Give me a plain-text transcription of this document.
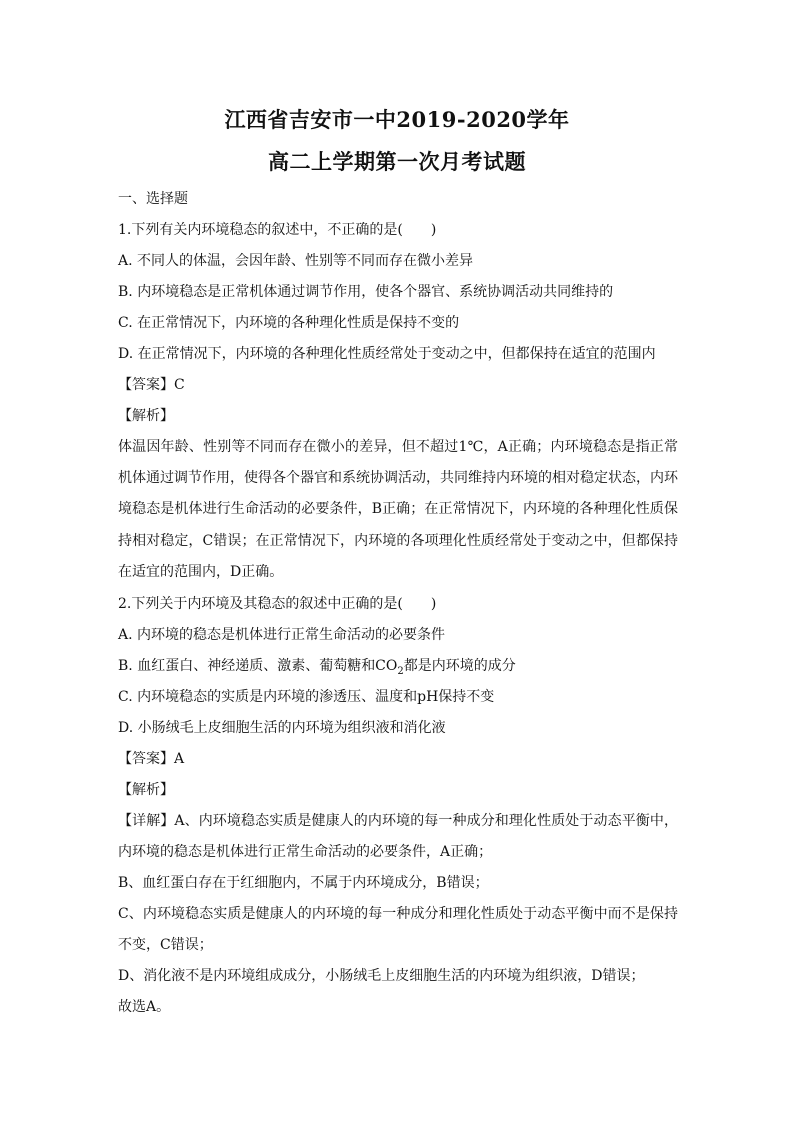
江西省吉安市一中2019-2020学年
高二上学期第一次月考试题
一、选择题
1.下列有关内环境稳态的叙述中，不正确的是(　　)
A. 不同人的体温，会因年龄、性别等不同而存在微小差异
B. 内环境稳态是正常机体通过调节作用，使各个器官、系统协调活动共同维持的
C. 在正常情况下，内环境的各种理化性质是保持不变的
D. 在正常情况下，内环境的各种理化性质经常处于变动之中，但都保持在适宜的范围内
【答案】C
【解析】
体温因年龄、性别等不同而存在微小的差异，但不超过1℃，A正确；内环境稳态是指正常机体通过调节作用，使得各个器官和系统协调活动，共同维持内环境的相对稳定状态，内环境稳态是机体进行生命活动的必要条件，B正确；在正常情况下，内环境的各种理化性质保持相对稳定，C错误；在正常情况下，内环境的各项理化性质经常处于变动之中，但都保持在适宜的范围内，D正确。
2.下列关于内环境及其稳态的叙述中正确的是(　　)
A. 内环境的稳态是机体进行正常生命活动的必要条件
B. 血红蛋白、神经递质、激素、葡萄糖和$CO_2$都是内环境的成分
C. 内环境稳态的实质是内环境的渗透压、温度和pH保持不变
D. 小肠绒毛上皮细胞生活的内环境为组织液和消化液
【答案】A
【解析】
【详解】A、内环境稳态实质是健康人的内环境的每一种成分和理化性质处于动态平衡中，内环境的稳态是机体进行正常生命活动的必要条件，A正确；
B、血红蛋白存在于红细胞内，不属于内环境成分，B错误；
C、内环境稳态实质是健康人的内环境的每一种成分和理化性质处于动态平衡中而不是保持不变，C错误；
D、消化液不是内环境组成成分，小肠绒毛上皮细胞生活的内环境为组织液，D错误；
故选A。
